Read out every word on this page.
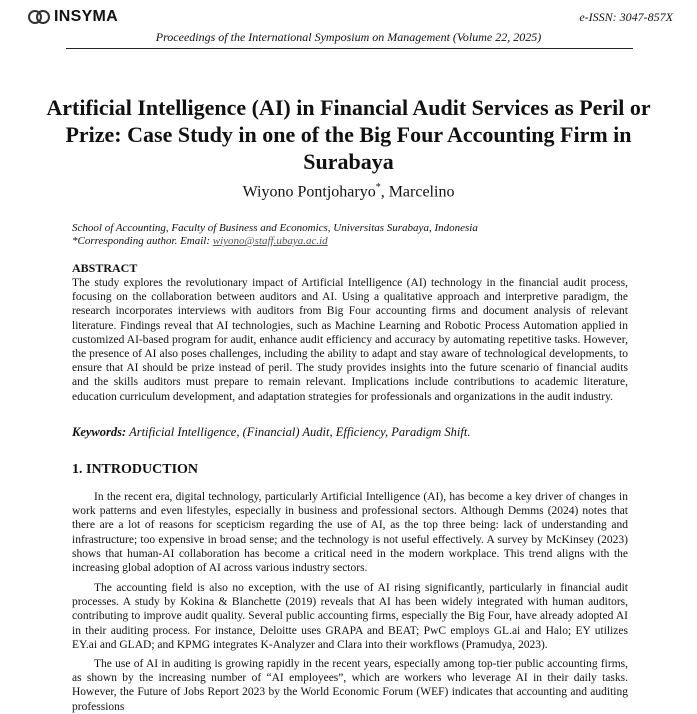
INSYMA	e-ISSN: 3047-857X
Proceedings of the International Symposium on Management (Volume 22, 2025)
Artificial Intelligence (AI) in Financial Audit Services as Peril or Prize: Case Study in one of the Big Four Accounting Firm in Surabaya
Wiyono Pontjoharyo*, Marcelino
School of Accounting, Faculty of Business and Economics, Universitas Surabaya, Indonesia
*Corresponding author. Email: wiyono@staff.ubaya.ac.id
ABSTRACT

The study explores the revolutionary impact of Artificial Intelligence (AI) technology in the financial audit process, focusing on the collaboration between auditors and AI. Using a qualitative approach and interpretive paradigm, the research incorporates interviews with auditors from Big Four accounting firms and document analysis of relevant literature. Findings reveal that AI technologies, such as Machine Learning and Robotic Process Automation applied in customized AI-based program for audit, enhance audit efficiency and accuracy by automating repetitive tasks. However, the presence of AI also poses challenges, including the ability to adapt and stay aware of technological developments, to ensure that AI should be prize instead of peril. The study provides insights into the future scenario of financial audits and the skills auditors must prepare to remain relevant. Implications include contributions to academic literature, education curriculum development, and adaptation strategies for professionals and organizations in the audit industry.

Keywords: Artificial Intelligence, (Financial) Audit, Efficiency, Paradigm Shift.
1. INTRODUCTION

In the recent era, digital technology, particularly Artificial Intelligence (AI), has become a key driver of changes in work patterns and even lifestyles, especially in business and professional sectors. Although Demms (2024) notes that there are a lot of reasons for scepticism regarding the use of AI, as the top three being: lack of understanding and infrastructure; too expensive in broad sense; and the technology is not useful effectively. A survey by McKinsey (2023) shows that human-AI collaboration has become a critical need in the modern workplace. This trend aligns with the increasing global adoption of AI across various industry sectors.

The accounting field is also no exception, with the use of AI rising significantly, particularly in financial audit processes. A study by Kokina & Blanchette (2019) reveals that AI has been widely integrated with human auditors, contributing to improve audit quality. Several public accounting firms, especially the Big Four, have already adopted AI in their auditing process. For instance, Deloitte uses GRAPA and BEAT; PwC employs GL.ai and Halo; EY utilizes EY.ai and GLAD; and KPMG integrates K-Analyzer and Clara into their workflows (Pramudya, 2023).

The use of AI in auditing is growing rapidly in the recent years, especially among top-tier public accounting firms, as shown by the increasing number of “AI employees”, which are workers who leverage AI in their daily tasks. However, the Future of Jobs Report 2023 by the World Economic Forum (WEF) indicates that accounting and auditing professions
